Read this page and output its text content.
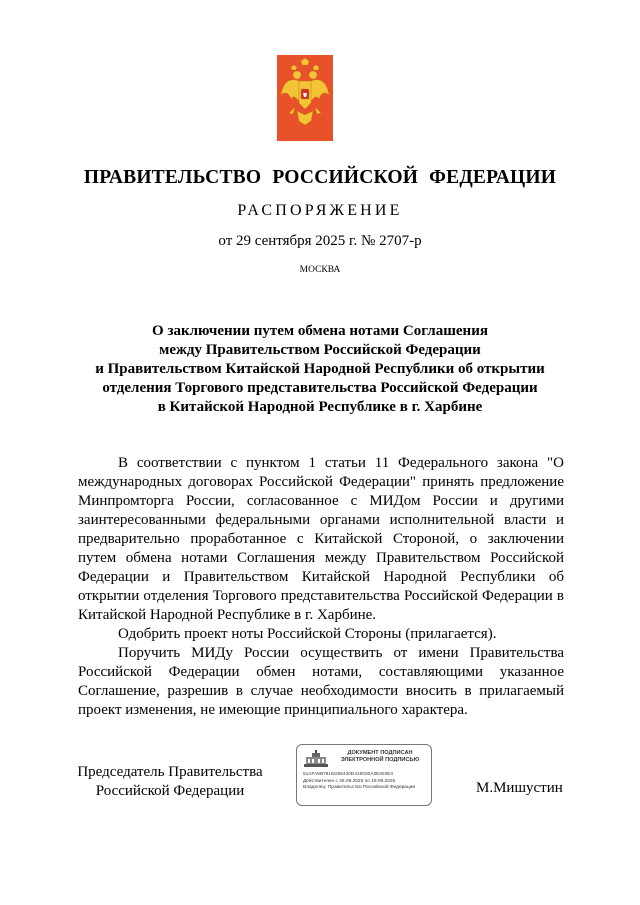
ПРАВИТЕЛЬСТВО РОССИЙСКОЙ ФЕДЕРАЦИИ
РАСПОРЯЖЕНИЕ
от 29 сентября 2025 г. № 2707-р
МОСКВА
О заключении путем обмена нотами Соглашения
между Правительством Российской Федерации
и Правительством Китайской Народной Республики об открытии
отделения Торгового представительства Российской Федерации
в Китайской Народной Республике в г. Харбине

В соответствии с пунктом 1 статьи 11 Федерального закона "О международных договорах Российской Федерации" принять предложение Минпромторга России, согласованное с МИДом России и другими заинтересованными федеральными органами исполнительной власти и предварительно проработанное с Китайской Стороной, о заключении путем обмена нотами Соглашения между Правительством Российской Федерации и Правительством Китайской Народной Республики об открытии отделения Торгового представительства Российской Федерации в Китайской Народной Республике в г. Харбине.

Одобрить проект ноты Российской Стороны (прилагается).

Поручить МИДу России осуществить от имени Правительства Российской Федерации обмен нотами, составляющими указанное Соглашение, разрешив в случае необходимости вносить в прилагаемый проект изменения, не имеющие принципиального характера.

Председатель Правительства
Российской Федерации
ДОКУМЕНТ ПОДПИСАН
ЭЛЕКТРОННОЙ ПОДПИСЬЮ
51AFA8B781ED86430D416030A3E303E3
Действителен с 26.09.2025 по 19.09.2026
Владелец: Правительство Российской Федерации	М.Мишустин
